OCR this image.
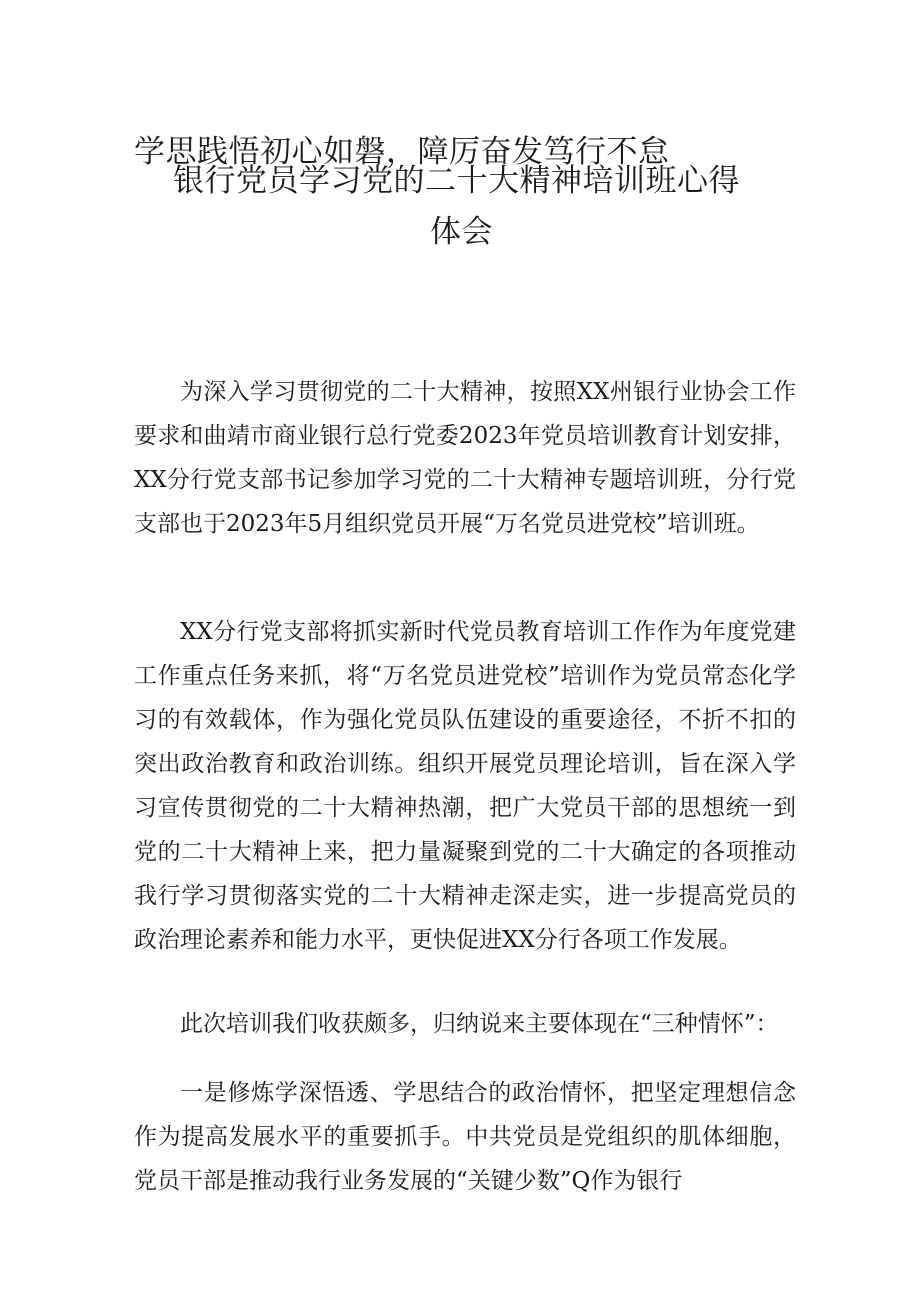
学思践悟初心如磐，障厉奋发笃行不怠
银行党员学习党的二十大精神培训班心得
体会

为深入学习贯彻党的二十大精神，按照XX州银行业协会工作要求和曲靖市商业银行总行党委2023年党员培训教育计划安排，XX分行党支部书记参加学习党的二十大精神专题培训班，分行党支部也于2023年5月组织党员开展“万名党员进党校”培训班。

XX分行党支部将抓实新时代党员教育培训工作作为年度党建工作重点任务来抓，将“万名党员进党校”培训作为党员常态化学习的有效载体，作为强化党员队伍建设的重要途径，不折不扣的突出政治教育和政治训练。组织开展党员理论培训，旨在深入学习宣传贯彻党的二十大精神热潮，把广大党员干部的思想统一到党的二十大精神上来，把力量凝聚到党的二十大确定的各项推动我行学习贯彻落实党的二十大精神走深走实，进一步提高党员的政治理论素养和能力水平，更快促进XX分行各项工作发展。

此次培训我们收获颇多，归纳说来主要体现在“三种情怀”：

一是修炼学深悟透、学思结合的政治情怀，把坚定理想信念作为提高发展水平的重要抓手。中共党员是党组织的肌体细胞，党员干部是推动我行业务发展的“关键少数”Q作为银行
